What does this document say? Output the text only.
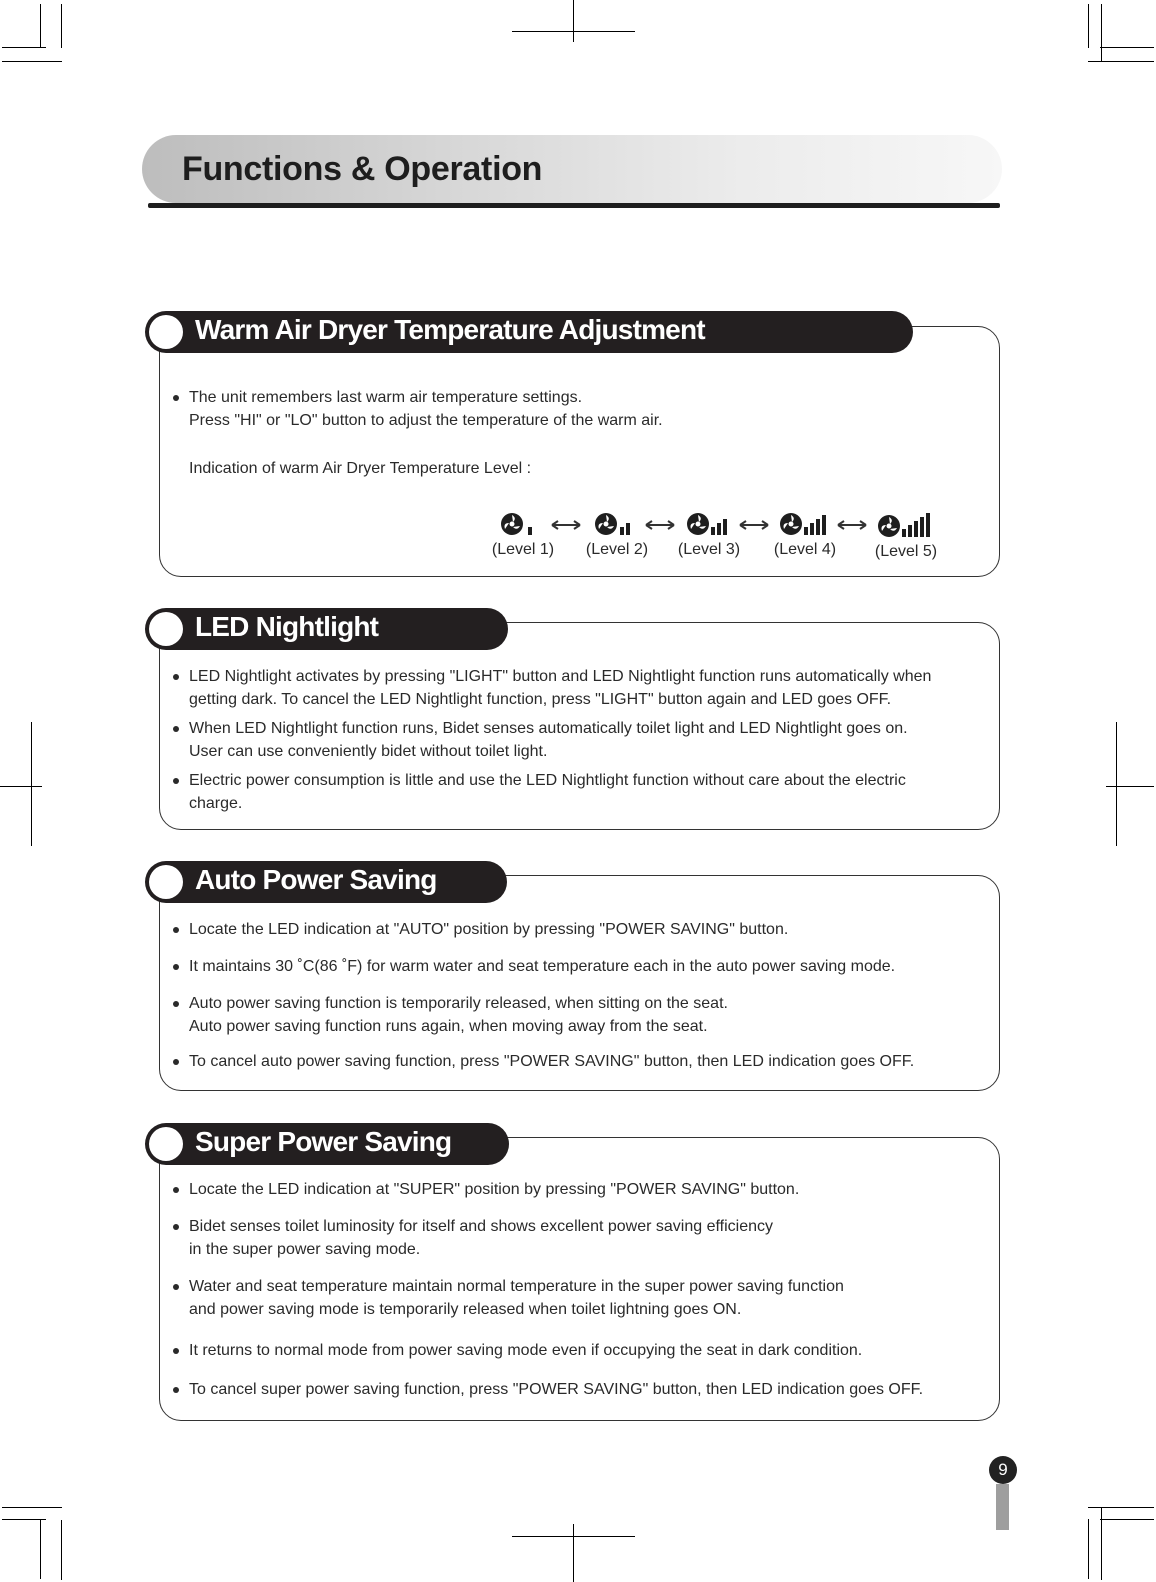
Functions & Operation
Warm Air Dryer Temperature Adjustment
The unit remembers last warm air temperature settings.
Press "HI" or "LO" button to adjust the temperature of the warm air.
Indication of warm Air Dryer Temperature Level :
(Level 1)	(Level 2)	(Level 3)	(Level 4)	(Level 5)
LED Nightlight
LED Nightlight activates by pressing "LIGHT" button and LED Nightlight function runs automatically when
getting dark. To cancel the LED Nightlight function, press "LIGHT" button again and LED goes OFF.
When LED Nightlight function runs, Bidet senses automatically toilet light and LED Nightlight goes on.
User can use conveniently bidet without toilet light.
Electric power consumption is little and use the LED Nightlight function without care about the electric
charge.
Auto Power Saving
Locate the LED indication at "AUTO" position by pressing "POWER SAVING" button.
It maintains 30 ˚C(86 ˚F) for warm water and seat temperature each in the auto power saving mode.
Auto power saving function is temporarily released, when sitting on the seat.
Auto power saving function runs again, when moving away from the seat.
To cancel auto power saving function, press "POWER SAVING" button, then LED indication goes OFF.
Super Power Saving
Locate the LED indication at "SUPER" position by pressing "POWER SAVING" button.
Bidet senses toilet luminosity for itself and shows excellent power saving efficiency
in the super power saving mode.
Water and seat temperature maintain normal temperature in the super power saving function
and power saving mode is temporarily released when toilet lightning goes ON.
It returns to normal mode from power saving mode even if occupying the seat in dark condition.
To cancel super power saving function, press "POWER SAVING" button, then LED indication goes OFF.
9
